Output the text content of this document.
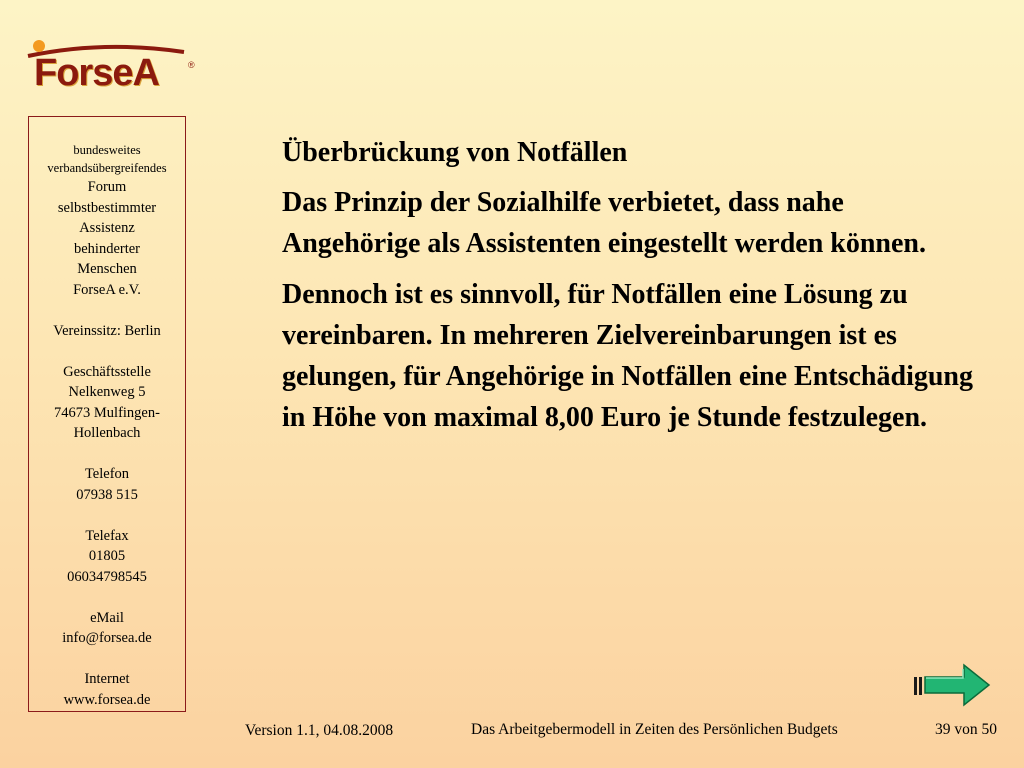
ForseA	®
bundesweites
verbandsübergreifendes
Forum
selbstbestimmter
Assistenz
behinderter
Menschen
ForseA e.V.
Vereinssitz: Berlin
Geschäftsstelle
Nelkenweg 5
74673 Mulfingen-
Hollenbach
Telefon
07938 515
Telefax
01805
06034798545
eMail
info@forsea.de
Internet
www.forsea.de
Überbrückung von Notfällen
Das Prinzip der Sozialhilfe verbietet, dass nahe Angehörige als Assistenten eingestellt werden können.
Dennoch ist es sinnvoll, für Notfällen eine Lösung zu vereinbaren. In mehreren Zielvereinbarungen ist es gelungen, für Angehörige in Notfällen eine Entschädigung in Höhe von maximal 8,00 Euro je Stunde festzulegen.
Version 1.1, 04.08.2008	Das Arbeitgebermodell in Zeiten des Persönlichen Budgets	39 von 50
